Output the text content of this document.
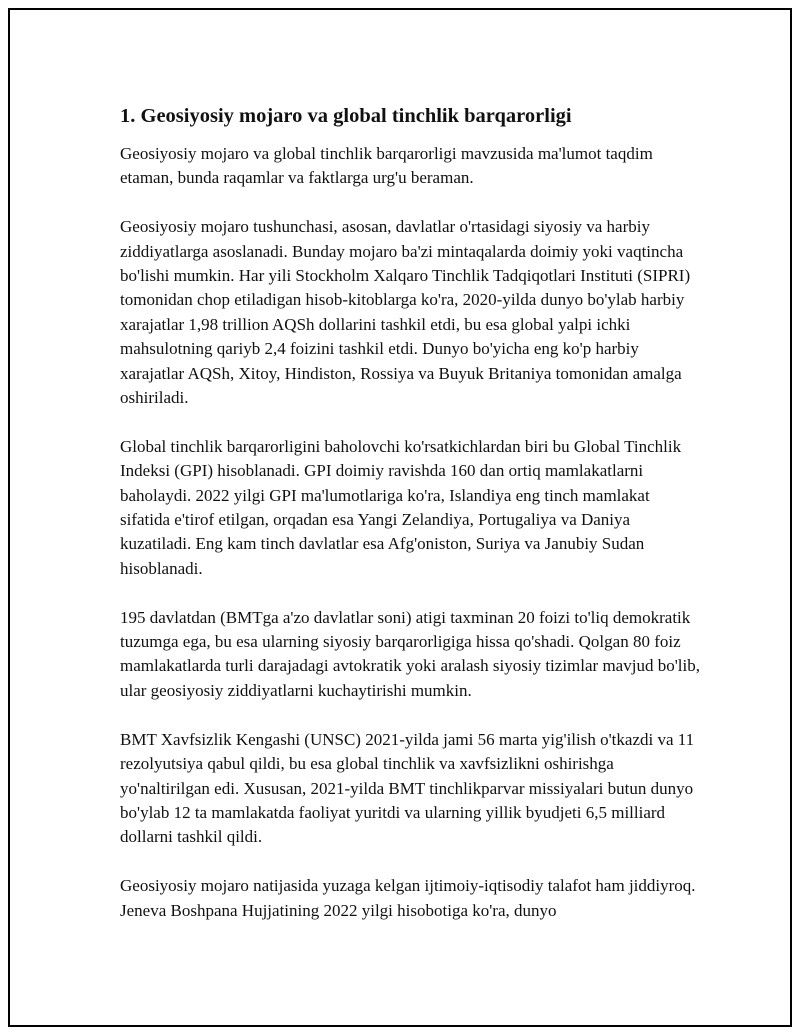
1. Geosiyosiy mojaro va global tinchlik barqarorligi

Geosiyosiy mojaro va global tinchlik barqarorligi mavzusida ma'lumot taqdim etaman, bunda raqamlar va faktlarga urg'u beraman.

Geosiyosiy mojaro tushunchasi, asosan, davlatlar o'rtasidagi siyosiy va harbiy ziddiyatlarga asoslanadi. Bunday mojaro ba'zi mintaqalarda doimiy yoki vaqtincha bo'lishi mumkin. Har yili Stockholm Xalqaro Tinchlik Tadqiqotlari Instituti (SIPRI) tomonidan chop etiladigan hisob-kitoblarga ko'ra, 2020-yilda dunyo bo'ylab harbiy xarajatlar 1,98 trillion AQSh dollarini tashkil etdi, bu esa global yalpi ichki mahsulotning qariyb 2,4 foizini tashkil etdi. Dunyo bo'yicha eng ko'p harbiy xarajatlar AQSh, Xitoy, Hindiston, Rossiya va Buyuk Britaniya tomonidan amalga oshiriladi.

Global tinchlik barqarorligini baholovchi ko'rsatkichlardan biri bu Global Tinchlik Indeksi (GPI) hisoblanadi. GPI doimiy ravishda 160 dan ortiq mamlakatlarni baholaydi. 2022 yilgi GPI ma'lumotlariga ko'ra, Islandiya eng tinch mamlakat sifatida e'tirof etilgan, orqadan esa Yangi Zelandiya, Portugaliya va Daniya kuzatiladi. Eng kam tinch davlatlar esa Afg'oniston, Suriya va Janubiy Sudan hisoblanadi.

195 davlatdan (BMTga a'zo davlatlar soni) atigi taxminan 20 foizi to'liq demokratik tuzumga ega, bu esa ularning siyosiy barqarorligiga hissa qo'shadi. Qolgan 80 foiz mamlakatlarda turli darajadagi avtokratik yoki aralash siyosiy tizimlar mavjud bo'lib, ular geosiyosiy ziddiyatlarni kuchaytirishi mumkin.

BMT Xavfsizlik Kengashi (UNSC) 2021-yilda jami 56 marta yig'ilish o'tkazdi va 11 rezolyutsiya qabul qildi, bu esa global tinchlik va xavfsizlikni oshirishga yo'naltirilgan edi. Xususan, 2021-yilda BMT tinchlikparvar missiyalari butun dunyo bo'ylab 12 ta mamlakatda faoliyat yuritdi va ularning yillik byudjeti 6,5 milliard dollarni tashkil qildi.

Geosiyosiy mojaro natijasida yuzaga kelgan ijtimoiy-iqtisodiy talafot ham jiddiyroq. Jeneva Boshpana Hujjatining 2022 yilgi hisobotiga ko'ra, dunyo
